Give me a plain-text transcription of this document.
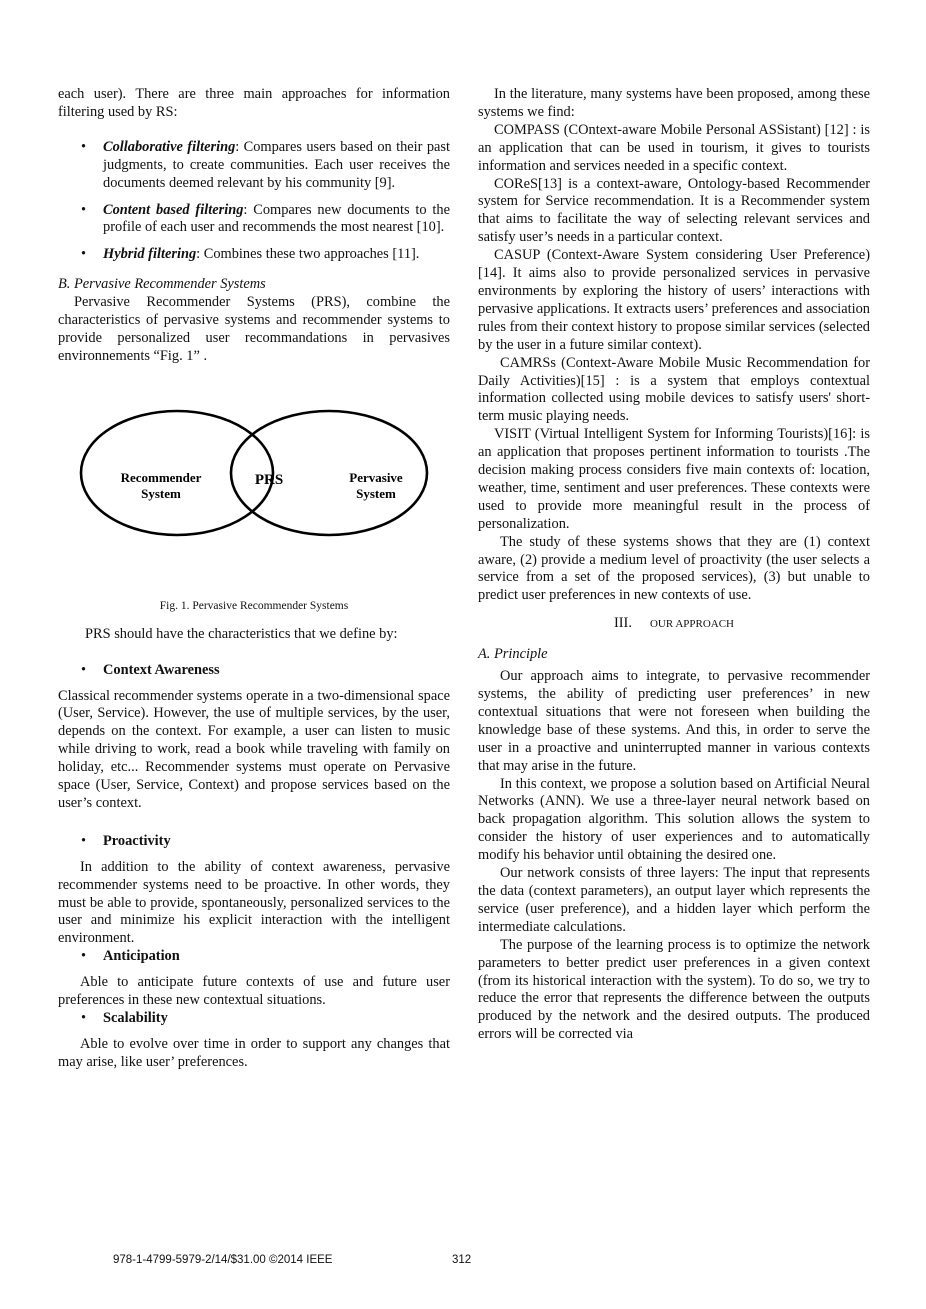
each user). There are three main approaches for information filtering used by RS:

• Collaborative filtering: Compares users based on their past judgments, to create communities. Each user receives the documents deemed relevant by his community [9].

• Content based filtering: Compares new documents to the profile of each user and recommends the most nearest [10].

• Hybrid filtering: Combines these two approaches [11].

B. Pervasive Recommender Systems

Pervasive Recommender Systems (PRS), combine the characteristics of pervasive systems and recommender systems to provide personalized user recommandations in pervasives environnements “Fig. 1” .

Recommender
System
PRS	Pervasive
System

Fig. 1. Pervasive Recommender Systems

PRS should have the characteristics that we define by:

• Context Awareness

Classical recommender systems operate in a two-dimensional space (User, Service). However, the use of multiple services, by the user, depends on the context. For example, a user can listen to music while driving to work, read a book while traveling with family on holiday, etc... Recommender systems must operate on Pervasive space (User, Service, Context) and propose services based on the user’s context.

• Proactivity

In addition to the ability of context awareness, pervasive recommender systems need to be proactive. In other words, they must be able to provide, spontaneously, personalized services to the user and minimize his explicit interaction with the intelligent environment.

• Anticipation

Able to anticipate future contexts of use and future user preferences in these new contextual situations.

• Scalability

Able to evolve over time in order to support any changes that may arise, like user’ preferences.

In the literature, many systems have been proposed, among these systems we find:

COMPASS (COntext-aware Mobile Personal ASSistant) [12] : is an application that can be used in tourism, it gives to tourists information and services needed in a specific context.

COReS[13] is a context-aware, Ontology-based Recommender system for Service recommendation. It is a Recommender system that aims to facilitate the way of selecting relevant services and satisfy user’s needs in a particular context.

CASUP (Context-Aware System considering User Preference)[14]. It aims also to provide personalized services in pervasive environments by exploring the history of users’ interactions with pervasive applications. It extracts users’ preferences and association rules from their context history to propose similar services (selected by the user in a future similar context).

CAMRSs (Context-Aware Mobile Music Recommendation for Daily Activities)[15] : is a system that employs contextual information collected using mobile devices to satisfy users' short-term music playing needs.

VISIT (Virtual Intelligent System for Informing Tourists)[16]: is an application that proposes pertinent information to tourists .The decision making process considers five main contexts of: location, weather, time, sentiment and user preferences. These contexts were used to provide more meaningful result in the process of personalization.

The study of these systems shows that they are (1) context aware, (2) provide a medium level of proactivity (the user selects a service from a set of the proposed services), (3) but unable to predict user preferences in new contexts of use.

III. OUR APPROACH

A. Principle

Our approach aims to integrate, to pervasive recommender systems, the ability of predicting user preferences’ in new contextual situations that were not foreseen when building the knowledge base of these systems. And this, in order to serve the user in a proactive and uninterrupted manner in various contexts that may arise in the future.

In this context, we propose a solution based on Artificial Neural Networks (ANN). We use a three-layer neural network based on back propagation algorithm. This solution allows the system to consider the history of user experiences and to automatically modify his behavior until obtaining the desired one.

Our network consists of three layers: The input that represents the data (context parameters), an output layer which represents the service (user preference), and a hidden layer which perform the intermediate calculations.

The purpose of the learning process is to optimize the network parameters to better predict user preferences in a given context (from its historical interaction with the system). To do so, we try to reduce the error that represents the difference between the outputs produced by the network and the desired outputs. The produced errors will be corrected via

978-1-4799-5979-2/14/$31.00 ©2014 IEEE	312
